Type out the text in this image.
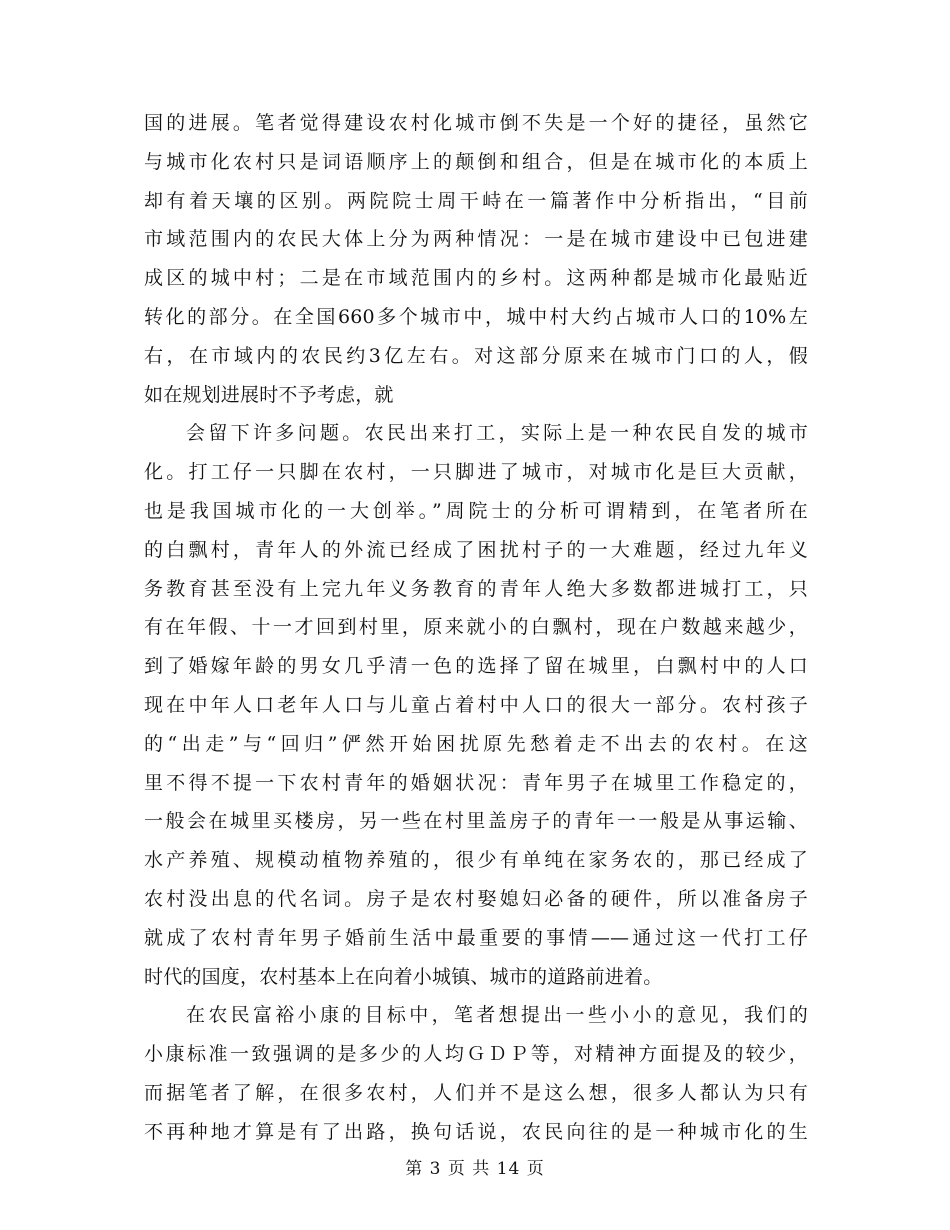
国的进展。笔者觉得建设农村化城市倒不失是一个好的捷径，虽然它
与城市化农村只是词语顺序上的颠倒和组合，但是在城市化的本质上
却有着天壤的区别。两院院士周干峙在一篇著作中分析指出，“目前
市域范围内的农民大体上分为两种情况：一是在城市建设中已包进建
成区的城中村；二是在市域范围内的乡村。这两种都是城市化最贴近
转化的部分。在全国660多个城市中，城中村大约占城市人口的10%左
右，在市域内的农民约3亿左右。对这部分原来在城市门口的人，假
如在规划进展时不予考虑，就
会留下许多问题。农民出来打工，实际上是一种农民自发的城市
化。打工仔一只脚在农村，一只脚进了城市，对城市化是巨大贡献，
也是我国城市化的一大创举。”周院士的分析可谓精到，在笔者所在
的白飘村，青年人的外流已经成了困扰村子的一大难题，经过九年义
务教育甚至没有上完九年义务教育的青年人绝大多数都进城打工，只
有在年假、十一才回到村里，原来就小的白飘村，现在户数越来越少，
到了婚嫁年龄的男女几乎清一色的选择了留在城里，白飘村中的人口
现在中年人口老年人口与儿童占着村中人口的很大一部分。农村孩子
的“出走”与“回归”俨然开始困扰原先愁着走不出去的农村。在这
里不得不提一下农村青年的婚姻状况：青年男子在城里工作稳定的，
一般会在城里买楼房，另一些在村里盖房子的青年一一般是从事运输、
水产养殖、规模动植物养殖的，很少有单纯在家务农的，那已经成了
农村没出息的代名词。房子是农村娶媳妇必备的硬件，所以准备房子
就成了农村青年男子婚前生活中最重要的事情——通过这一代打工仔
时代的国度，农村基本上在向着小城镇、城市的道路前进着。
在农民富裕小康的目标中，笔者想提出一些小小的意见，我们的
小康标准一致强调的是多少的人均ＧＤＰ等，对精神方面提及的较少，
而据笔者了解，在很多农村，人们并不是这么想，很多人都认为只有
不再种地才算是有了出路，换句话说，农民向往的是一种城市化的生
第 3 页 共 14 页
